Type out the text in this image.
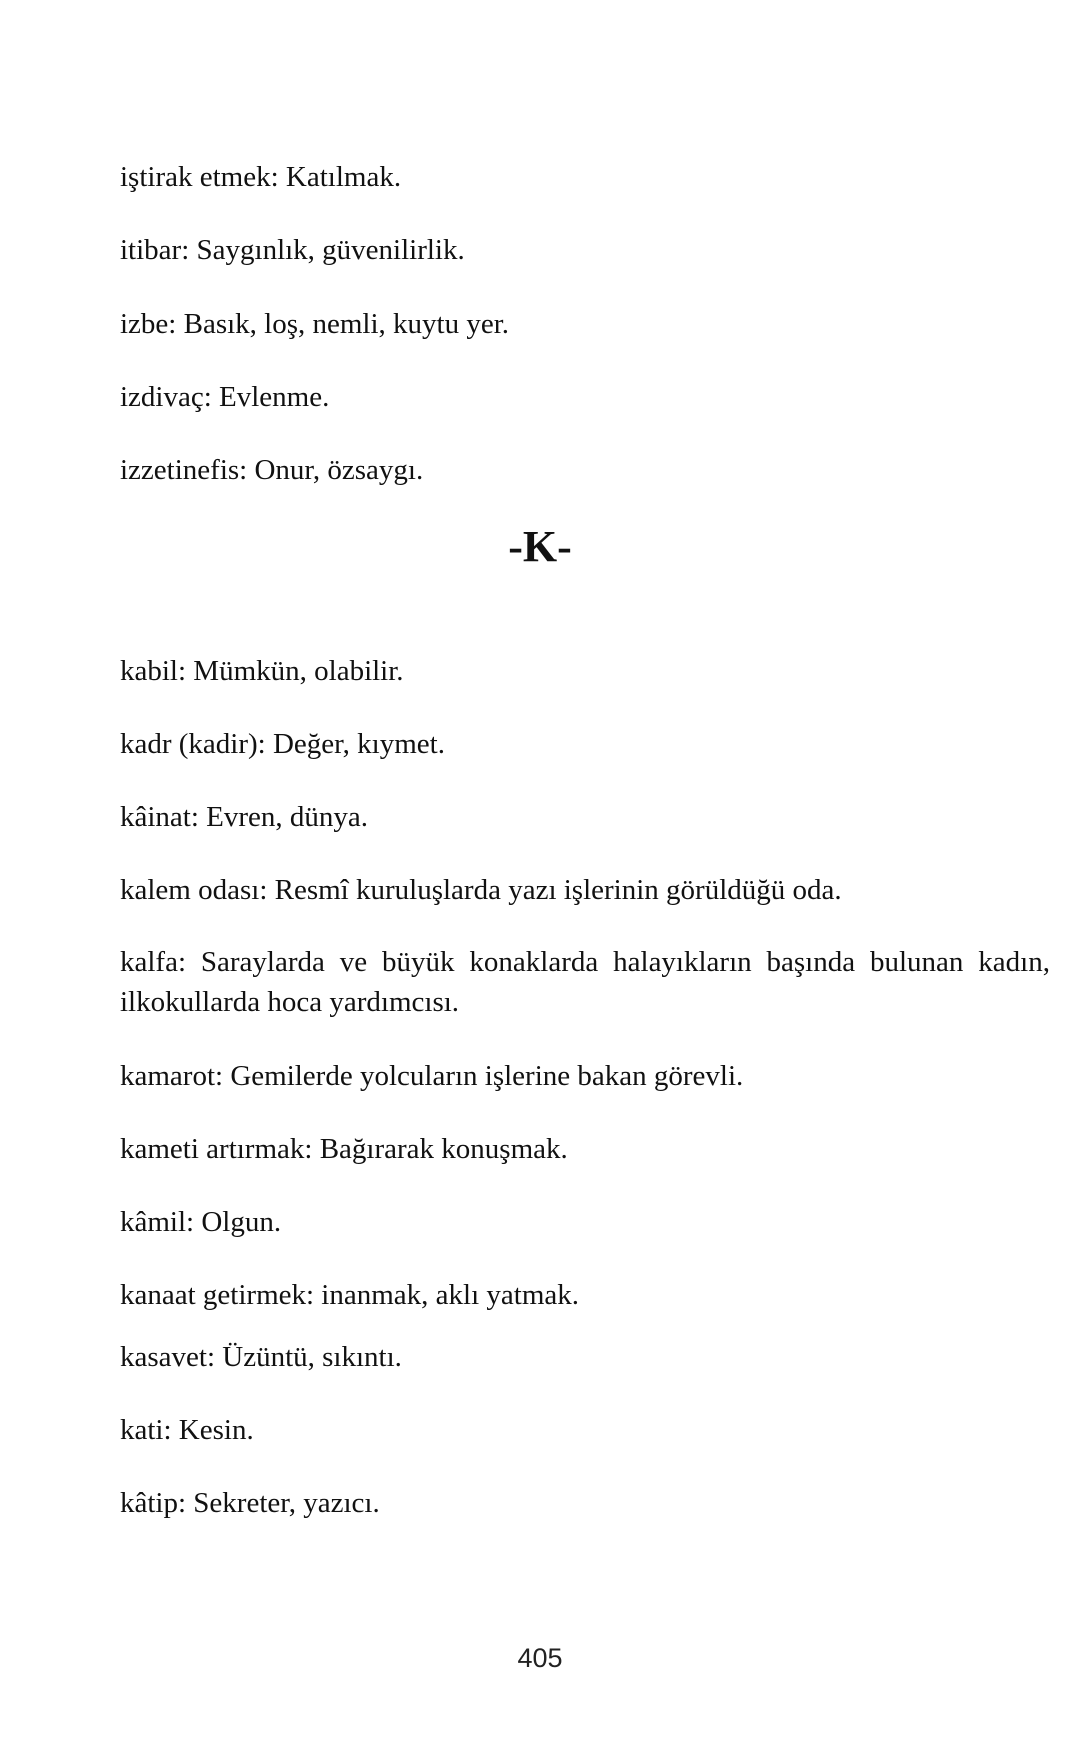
iştirak etmek: Katılmak.

itibar: Saygınlık, güvenilirlik.

izbe: Basık, loş, nemli, kuytu yer.

izdivaç: Evlenme.

izzetinefis: Onur, özsaygı.

-K-

kabil: Mümkün, olabilir.

kadr (kadir): Değer, kıymet.

kâinat: Evren, dünya.

kalem odası: Resmî kuruluşlarda yazı işlerinin görüldüğü oda.

kalfa: Saraylarda ve büyük konaklarda halayıkların başında bulunan kadın, ilkokullarda hoca yardımcısı.

kamarot: Gemilerde yolcuların işlerine bakan görevli.

kameti artırmak: Bağırarak konuşmak.

kâmil: Olgun.

kanaat getirmek: inanmak, aklı yatmak.

kasavet: Üzüntü, sıkıntı.

kati: Kesin.

kâtip: Sekreter, yazıcı.

405
